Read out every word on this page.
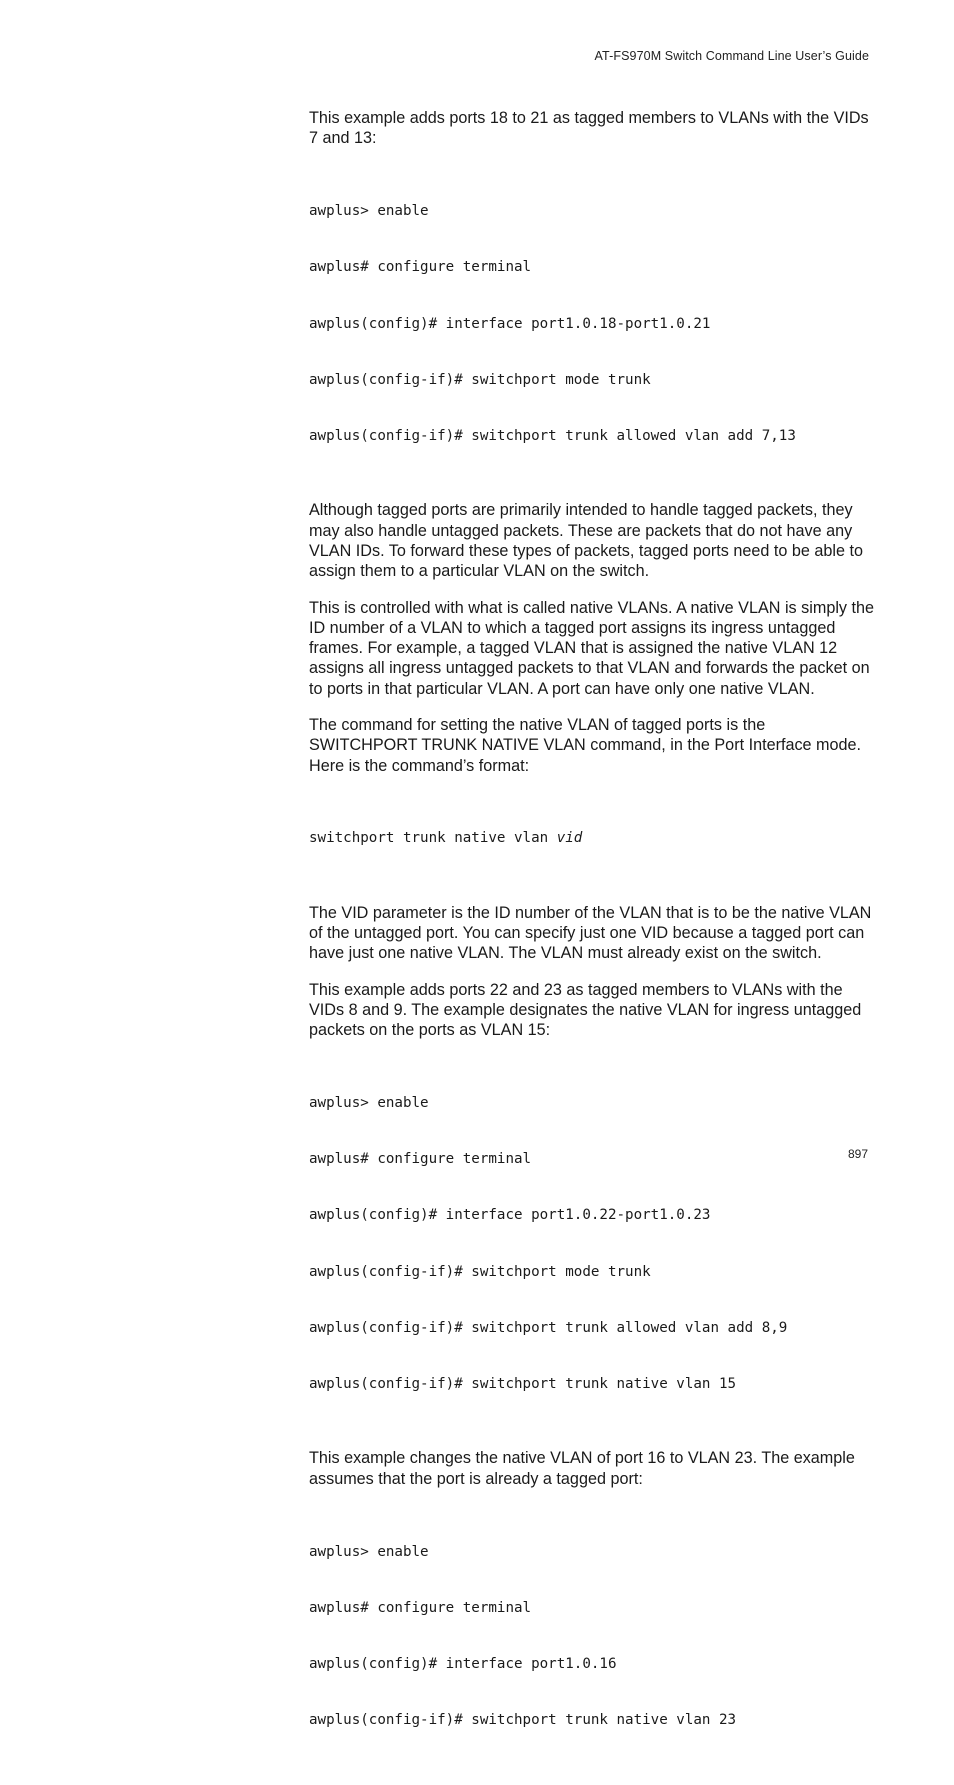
AT-FS970M Switch Command Line User’s Guide

This example adds ports 18 to 21 as tagged members to VLANs with the VIDs 7 and 13:

awplus> enable

awplus# configure terminal

awplus(config)# interface port1.0.18-port1.0.21

awplus(config-if)# switchport mode trunk

awplus(config-if)# switchport trunk allowed vlan add 7,13

Although tagged ports are primarily intended to handle tagged packets, they may also handle untagged packets. These are packets that do not have any VLAN IDs. To forward these types of packets, tagged ports need to be able to assign them to a particular VLAN on the switch.

This is controlled with what is called native VLANs. A native VLAN is simply the ID number of a VLAN to which a tagged port assigns its ingress untagged frames. For example, a tagged VLAN that is assigned the native VLAN 12 assigns all ingress untagged packets to that VLAN and forwards the packet on to ports in that particular VLAN. A port can have only one native VLAN.

The command for setting the native VLAN of tagged ports is the SWITCHPORT TRUNK NATIVE VLAN command, in the Port Interface mode. Here is the command’s format:

switchport trunk native vlan vid

The VID parameter is the ID number of the VLAN that is to be the native VLAN of the untagged port. You can specify just one VID because a tagged port can have just one native VLAN. The VLAN must already exist on the switch.

This example adds ports 22 and 23 as tagged members to VLANs with the VIDs 8 and 9. The example designates the native VLAN for ingress untagged packets on the ports as VLAN 15:

awplus> enable

awplus# configure terminal

awplus(config)# interface port1.0.22-port1.0.23

awplus(config-if)# switchport mode trunk

awplus(config-if)# switchport trunk allowed vlan add 8,9

awplus(config-if)# switchport trunk native vlan 15

This example changes the native VLAN of port 16 to VLAN 23. The example assumes that the port is already a tagged port:

awplus> enable

awplus# configure terminal

awplus(config)# interface port1.0.16

awplus(config-if)# switchport trunk native vlan 23

897
